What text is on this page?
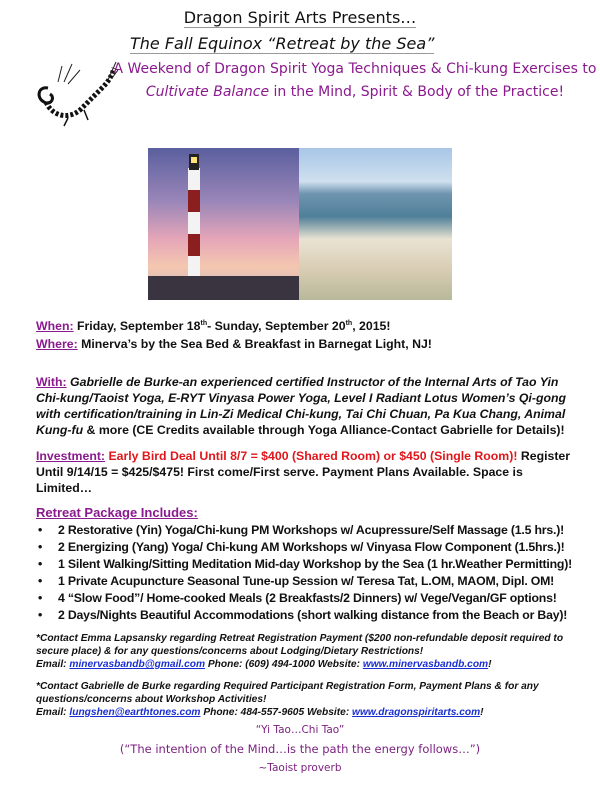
Dragon Spirit Arts Presents…
The Fall Equinox “Retreat by the Sea”
A Weekend of Dragon Spirit Yoga Techniques & Chi-kung Exercises to Cultivate Balance in the Mind, Spirit & Body of the Practice!
When: Friday, September 18th- Sunday, September 20th, 2015!
Where: Minerva’s by the Sea Bed & Breakfast in Barnegat Light, NJ!
With: Gabrielle de Burke-an experienced certified Instructor of the Internal Arts of Tao Yin Chi-kung/Taoist Yoga, E-RYT Vinyasa Power Yoga, Level I Radiant Lotus Women’s Qi-gong with certification/training in Lin-Zi Medical Chi-kung, Tai Chi Chuan, Pa Kua Chang, Animal Kung-fu & more (CE Credits available through Yoga Alliance-Contact Gabrielle for Details)!
Investment: Early Bird Deal Until 8/7 = $400 (Shared Room) or $450 (Single Room)! Register Until 9/14/15 = $425/$475! First come/First serve. Payment Plans Available. Space is Limited…
Retreat Package Includes:
• 2 Restorative (Yin) Yoga/Chi-kung PM Workshops w/ Acupressure/Self Massage (1.5 hrs.)!
• 2 Energizing (Yang) Yoga/ Chi-kung AM Workshops w/ Vinyasa Flow Component (1.5hrs.)!
• 1 Silent Walking/Sitting Meditation Mid-day Workshop by the Sea (1 hr.Weather Permitting)!
• 1 Private Acupuncture Seasonal Tune-up Session w/ Teresa Tat, L.OM, MAOM, Dipl. OM!
• 4 “Slow Food”/ Home-cooked Meals (2 Breakfasts/2 Dinners) w/ Vege/Vegan/GF options!
• 2 Days/Nights Beautiful Accommodations (short walking distance from the Beach or Bay)!
*Contact Emma Lapsansky regarding Retreat Registration Payment ($200 non-refundable deposit required to secure place) & for any questions/concerns about Lodging/Dietary Restrictions!
Email: minervasbandb@gmail.com Phone: (609) 494-1000 Website: www.minervasbandb.com!
*Contact Gabrielle de Burke regarding Required Participant Registration Form, Payment Plans & for any questions/concerns about Workshop Activities!
Email: lungshen@earthtones.com Phone: 484-557-9605 Website: www.dragonspiritarts.com!
“Yi Tao…Chi Tao”
(“The intention of the Mind…is the path the energy follows…”)
~Taoist proverb
